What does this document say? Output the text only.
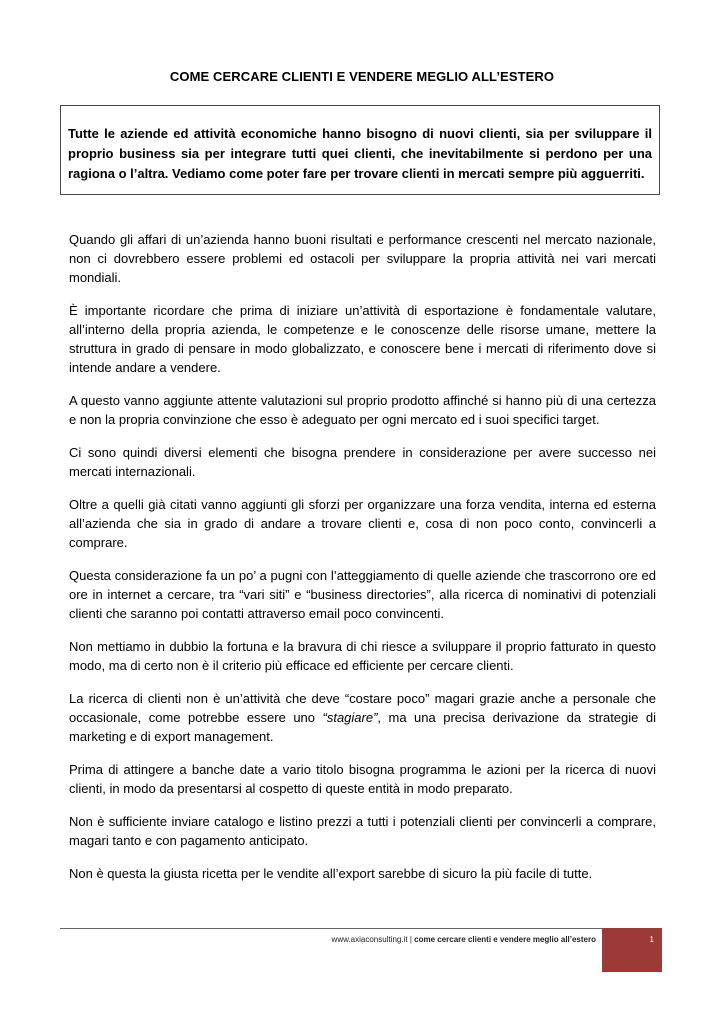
COME CERCARE CLIENTI E VENDERE MEGLIO ALL’ESTERO

Tutte le aziende ed attività economiche hanno bisogno di nuovi clienti, sia per sviluppare il proprio business sia per integrare tutti quei clienti, che inevitabilmente si perdono per una ragiona o l’altra. Vediamo come poter fare per trovare clienti in mercati sempre più agguerriti.

Quando gli affari di un’azienda hanno buoni risultati e performance crescenti nel mercato nazionale, non ci dovrebbero essere problemi ed ostacoli per sviluppare la propria attività nei vari mercati mondiali.

È importante ricordare che prima di iniziare un’attività di esportazione è fondamentale valutare, all’interno della propria azienda, le competenze e le conoscenze delle risorse umane, mettere la struttura in grado di pensare in modo globalizzato, e conoscere bene i mercati di riferimento dove si intende andare a vendere.

A questo vanno aggiunte attente valutazioni sul proprio prodotto affinché si hanno più di una certezza e non la propria convinzione che esso è adeguato per ogni mercato ed i suoi specifici target.

Ci sono quindi diversi elementi che bisogna prendere in considerazione per avere successo nei mercati internazionali.

Oltre a quelli già citati vanno aggiunti gli sforzi per organizzare una forza vendita, interna ed esterna all’azienda che sia in grado di andare a trovare clienti e, cosa di non poco conto, convincerli a comprare.

Questa considerazione fa un po’ a pugni con l’atteggiamento di quelle aziende che trascorrono ore ed ore in internet a cercare, tra “vari siti” e “business directories”, alla ricerca di nominativi di potenziali clienti che saranno poi contatti attraverso email poco convincenti.

Non mettiamo in dubbio la fortuna e la bravura di chi riesce a sviluppare il proprio fatturato in questo modo, ma di certo non è il criterio più efficace ed efficiente per cercare clienti.

La ricerca di clienti non è un’attività che deve “costare poco” magari grazie anche a personale che occasionale, come potrebbe essere uno “stagiare”, ma una precisa derivazione da strategie di marketing e di export management.

Prima di attingere a banche date a vario titolo bisogna programma le azioni per la ricerca di nuovi clienti, in modo da presentarsi al cospetto di queste entità in modo preparato.

Non è sufficiente inviare catalogo e listino prezzi a tutti i potenziali clienti per convincerli a comprare, magari tanto e con pagamento anticipato.

Non è questa la giusta ricetta per le vendite all’export sarebbe di sicuro la più facile di tutte.

www.axiaconsulting.it | come cercare clienti e vendere meglio all’estero	1
